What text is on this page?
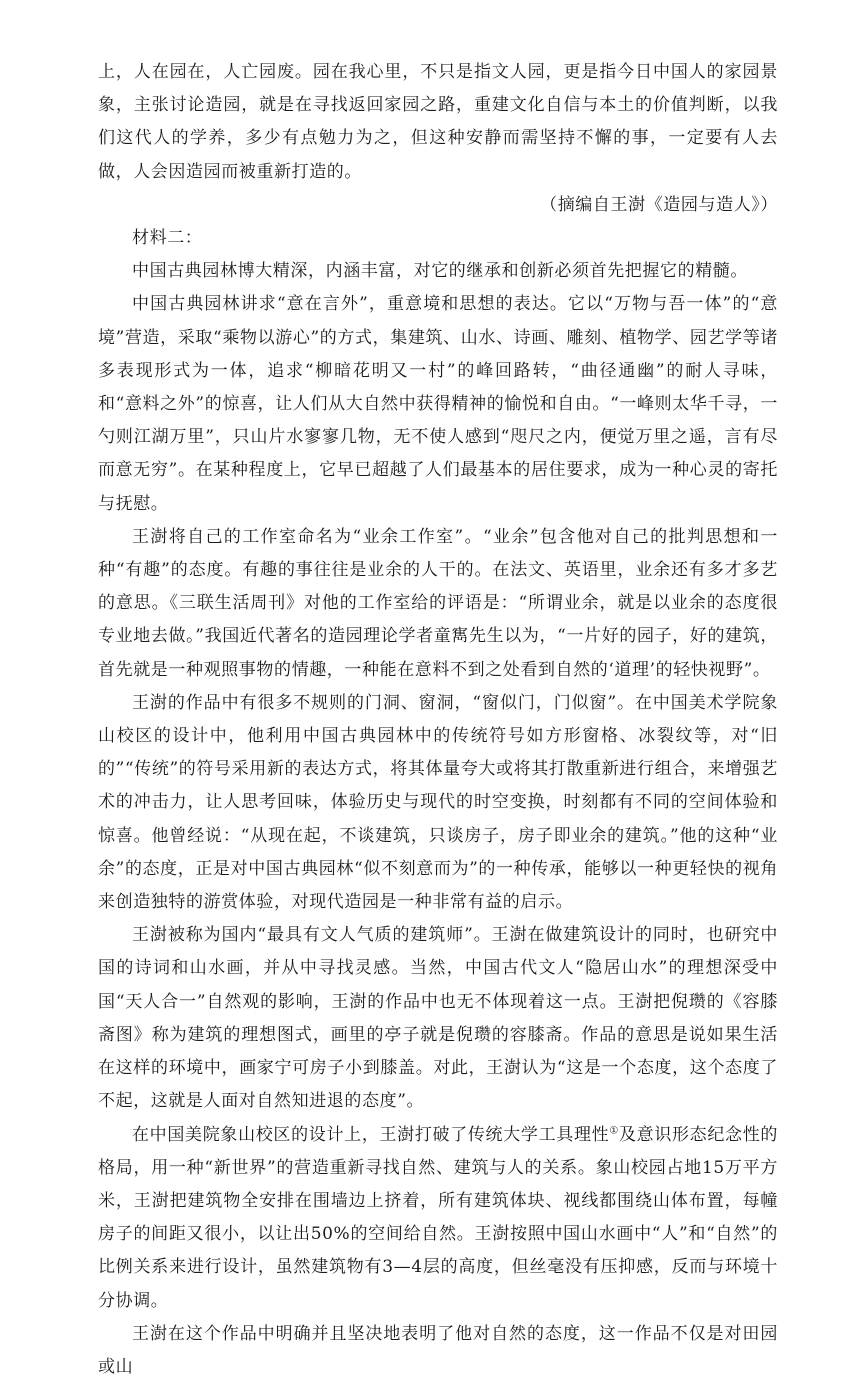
上，人在园在，人亡园废。园在我心里，不只是指文人园，更是指今日中国人的家园景象，主张讨论造园，就是在寻找返回家园之路，重建文化自信与本土的价值判断，以我们这代人的学养，多少有点勉力为之，但这种安静而需坚持不懈的事，一定要有人去做，人会因造园而被重新打造的。

（摘编自王澍《造园与造人》）

材料二：

中国古典园林博大精深，内涵丰富，对它的继承和创新必须首先把握它的精髓。

中国古典园林讲求“意在言外”，重意境和思想的表达。它以“万物与吾一体”的“意境”营造，采取“乘物以游心”的方式，集建筑、山水、诗画、雕刻、植物学、园艺学等诸多表现形式为一体，追求“柳暗花明又一村”的峰回路转，“曲径通幽”的耐人寻味，和“意料之外”的惊喜，让人们从大自然中获得精神的愉悦和自由。“一峰则太华千寻，一勺则江湖万里”，只山片水寥寥几物，无不使人感到“咫尺之内，便觉万里之遥，言有尽而意无穷”。在某种程度上，它早已超越了人们最基本的居住要求，成为一种心灵的寄托与抚慰。

王澍将自己的工作室命名为“业余工作室”。“业余”包含他对自己的批判思想和一种“有趣”的态度。有趣的事往往是业余的人干的。在法文、英语里，业余还有多才多艺的意思。《三联生活周刊》对他的工作室给的评语是：“所谓业余，就是以业余的态度很专业地去做。”我国近代著名的造园理论学者童寯先生以为，“一片好的园子，好的建筑，首先就是一种观照事物的情趣，一种能在意料不到之处看到自然的‘道理’的轻快视野”。

王澍的作品中有很多不规则的门洞、窗洞，“窗似门，门似窗”。在中国美术学院象山校区的设计中，他利用中国古典园林中的传统符号如方形窗格、冰裂纹等，对“旧的”“传统”的符号采用新的表达方式，将其体量夸大或将其打散重新进行组合，来增强艺术的冲击力，让人思考回味，体验历史与现代的时空变换，时刻都有不同的空间体验和惊喜。他曾经说：“从现在起，不谈建筑，只谈房子，房子即业余的建筑。”他的这种“业余”的态度，正是对中国古典园林“似不刻意而为”的一种传承，能够以一种更轻快的视角来创造独特的游赏体验，对现代造园是一种非常有益的启示。

王澍被称为国内“最具有文人气质的建筑师”。王澍在做建筑设计的同时，也研究中国的诗词和山水画，并从中寻找灵感。当然，中国古代文人“隐居山水”的理想深受中国“天人合一”自然观的影响，王澍的作品中也无不体现着这一点。王澍把倪瓒的《容膝斋图》称为建筑的理想图式，画里的亭子就是倪瓒的容膝斋。作品的意思是说如果生活在这样的环境中，画家宁可房子小到膝盖。对此，王澍认为“这是一个态度，这个态度了不起，这就是人面对自然知进退的态度”。

在中国美院象山校区的设计上，王澍打破了传统大学工具理性①及意识形态纪念性的格局，用一种“新世界”的营造重新寻找自然、建筑与人的关系。象山校园占地15万平方米，王澍把建筑物全安排在围墙边上挤着，所有建筑体块、视线都围绕山体布置，每幢房子的间距又很小，以让出50%的空间给自然。王澍按照中国山水画中“人”和“自然”的比例关系来进行设计，虽然建筑物有3—4层的高度，但丝毫没有压抑感，反而与环境十分协调。

王澍在这个作品中明确并且坚决地表明了他对自然的态度，这一作品不仅是对田园或山
